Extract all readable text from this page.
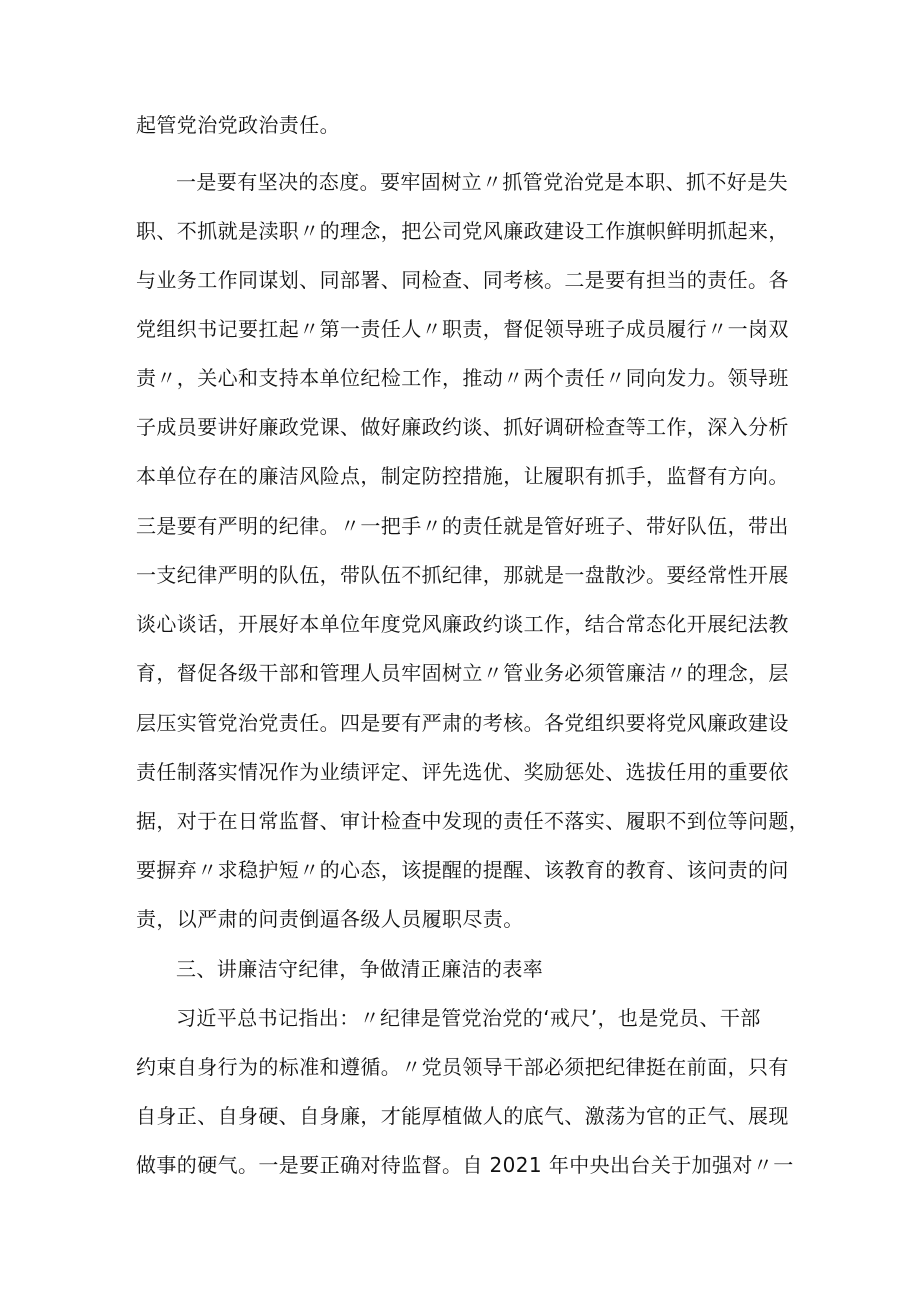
起管党治党政治责任。
一是要有坚决的态度。要牢固树立〃抓管党治党是本职、抓不好是失
职、不抓就是渎职〃的理念，把公司党风廉政建设工作旗帜鲜明抓起来，
与业务工作同谋划、同部署、同检查、同考核。二是要有担当的责任。各
党组织书记要扛起〃第一责任人〃职责，督促领导班子成员履行〃一岗双
责〃，关心和支持本单位纪检工作，推动〃两个责任〃同向发力。领导班
子成员要讲好廉政党课、做好廉政约谈、抓好调研检查等工作，深入分析
本单位存在的廉洁风险点，制定防控措施，让履职有抓手，监督有方向。
三是要有严明的纪律。〃一把手〃的责任就是管好班子、带好队伍，带出
一支纪律严明的队伍，带队伍不抓纪律，那就是一盘散沙。要经常性开展
谈心谈话，开展好本单位年度党风廉政约谈工作，结合常态化开展纪法教
育，督促各级干部和管理人员牢固树立〃管业务必须管廉洁〃的理念，层
层压实管党治党责任。四是要有严肃的考核。各党组织要将党风廉政建设
责任制落实情况作为业绩评定、评先选优、奖励惩处、选拔任用的重要依
据，对于在日常监督、审计检查中发现的责任不落实、履职不到位等问题，
要摒弃〃求稳护短〃的心态，该提醒的提醒、该教育的教育、该问责的问
责，以严肃的问责倒逼各级人员履职尽责。
三、讲廉洁守纪律，争做清正廉洁的表率
习近平总书记指出：〃纪律是管党治党的‘戒尺’，也是党员、干部
约束自身行为的标准和遵循。〃党员领导干部必须把纪律挺在前面，只有
自身正、自身硬、自身廉，才能厚植做人的底气、激荡为官的正气、展现
做事的硬气。一是要正确对待监督。自 2021 年中央出台关于加强对〃一
